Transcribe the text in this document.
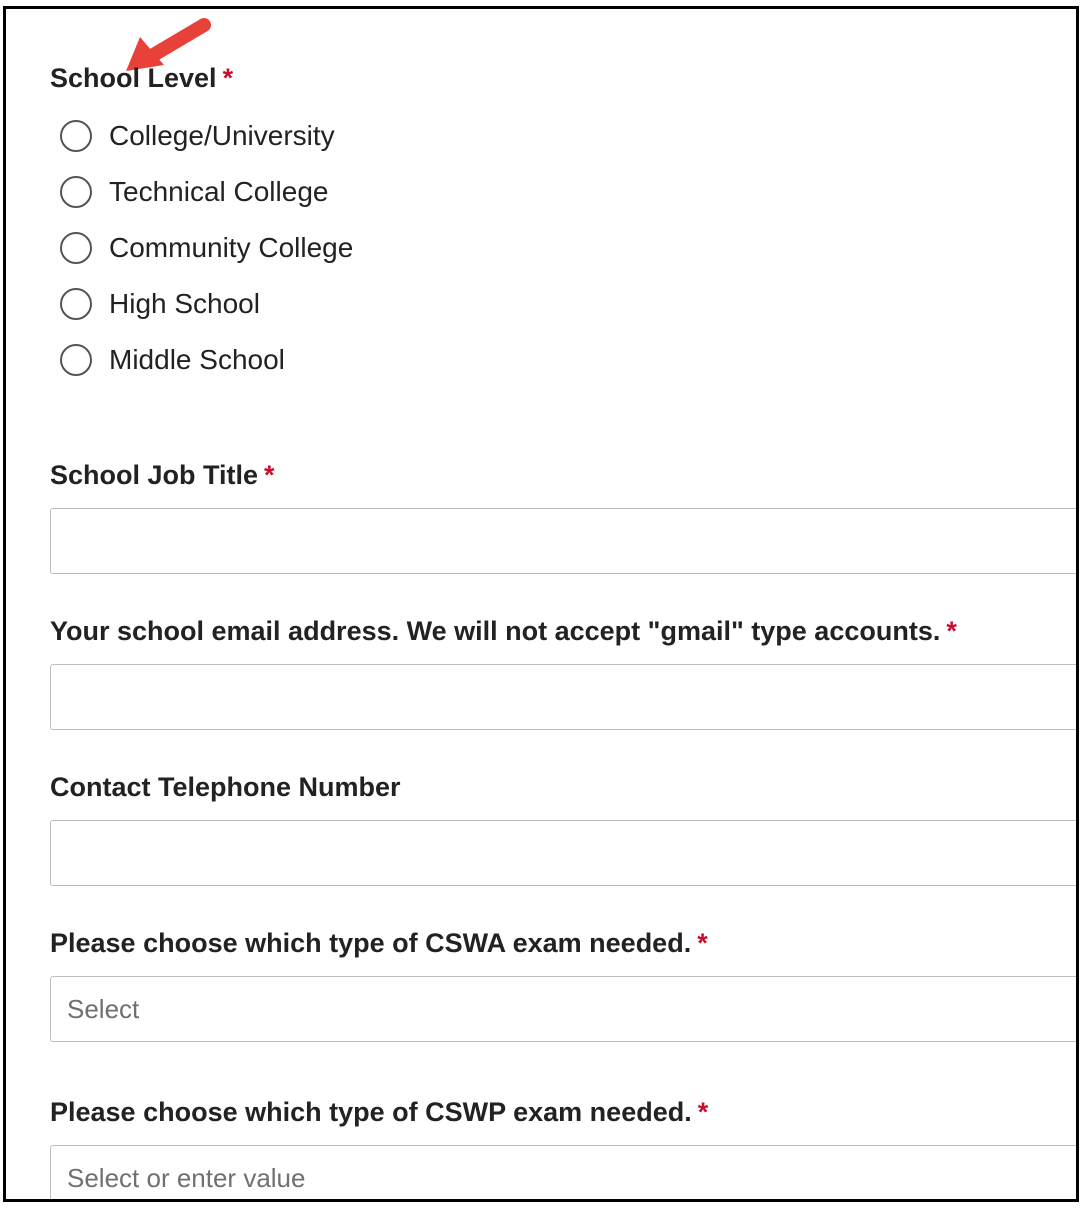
School Level *
College/University
Technical College
Community College
High School
Middle School
School Job Title *
Your school email address. We will not accept "gmail" type accounts. *
Contact Telephone Number
Please choose which type of CSWA exam needed. *
Select
Please choose which type of CSWP exam needed. *
Select or enter value
